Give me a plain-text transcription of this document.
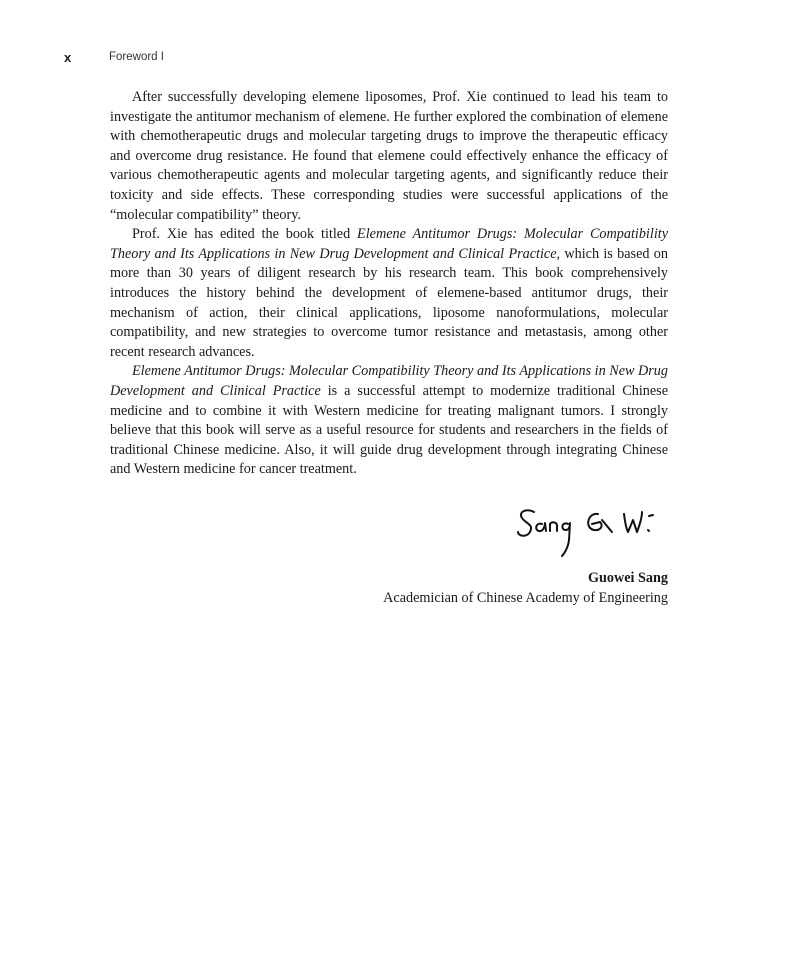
x	Foreword I

After successfully developing elemene liposomes, Prof. Xie continued to lead his team to investigate the antitumor mechanism of elemene. He further explored the combination of elemene with chemotherapeutic drugs and molecular targeting drugs to improve the therapeutic efficacy and overcome drug resistance. He found that elemene could effectively enhance the efficacy of various chemotherapeutic agents and molecular targeting agents, and significantly reduce their toxicity and side effects. These corresponding studies were successful applications of the “molecular compatibility” theory.

Prof. Xie has edited the book titled Elemene Antitumor Drugs: Molecular Compatibility Theory and Its Applications in New Drug Development and Clinical Practice, which is based on more than 30 years of diligent research by his research team. This book comprehensively introduces the history behind the development of elemene-based antitumor drugs, their mechanism of action, their clinical applications, liposome nanoformulations, molecular compatibility, and new strategies to overcome tumor resistance and metastasis, among other recent research advances.

Elemene Antitumor Drugs: Molecular Compatibility Theory and Its Applications in New Drug Development and Clinical Practice is a successful attempt to modernize traditional Chinese medicine and to combine it with Western medicine for treating malignant tumors. I strongly believe that this book will serve as a useful resource for students and researchers in the fields of traditional Chinese medicine. Also, it will guide drug development through integrating Chinese and Western medicine for cancer treatment.

Guowei Sang
Academician of Chinese Academy of Engineering
